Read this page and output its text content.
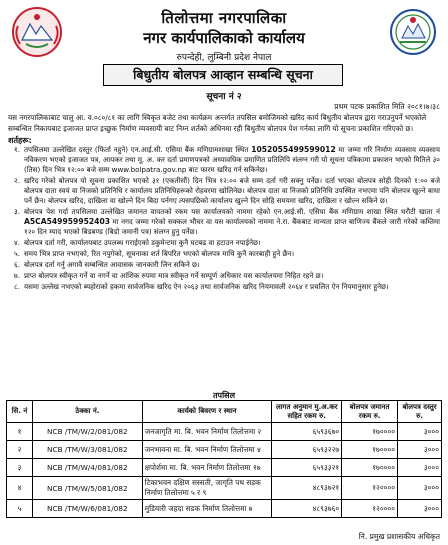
तिलोत्तमा नगरपालिका
नगर कार्यपालिकाको कार्यालय
रुपन्देही, लुम्बिनी प्रदेश नेपाल
बिधुतीय बोलपत्र आव्हान सम्बन्धि सूचना
सूचना नं २
प्रथम पटक प्रकाशित मिति २०८१।७।३८
यस नगरपालिकाबाट चालु आ. व.०८०/८१ का लागि स्विकृत बजेट तथा कार्यक्रम अन्तर्गत तपसिल बमोजिमको खरिद कार्य बिधुतीय बोलपत्र द्वारा गराउनुपर्ने भएकोले सम्बन्धित निकायबाट इजाजत प्राप्त इच्छुक निर्माण व्यवसायी बाट निम्न शर्तको अधिनमा रही बिधुतीय बोलपत्र पेश गर्नका लागि यो सूचना प्रकाशित गरिएको छ।
शर्तहरू:
१. तपसिलमा उल्लेखित दस्तुर (फिर्ता नहुने) एन.आई.सी. एसिया बैंक मणिग्रामशाखा स्थित 1052055499599012 मा जम्मा गरि निर्माण व्यवसाय व्यवसाय नविकरण भएको इजाजत पत्र, आयकर तथा मू. अ. कर दर्ता प्रमाणपत्रको अध्यावधिक प्रमाणित प्रतिलिपि संलग्न गरी यो सूचना पत्रिकामा प्रकाशन भएको मितिले ३० (तिस) दिन भित्र १२:०० बजे सम्म www.bolpatra.gov.np बाट फारम खरिद गर्न सकिनेछ।
२. खरिद गरेको बोलपत्र यो सूचना प्रकाशित भएको ३१ (एकतीसौं) दिन भित्र १२:०० बजे सम्म दर्ता गरी सक्नु पर्नेछ। दर्ता भएका बोलपत्र सोही दिनको १:०० बजे बोलपत्र दाता स्वयं वा निजको प्रतिनिधि र कार्यालय प्रतिनिधिहरूको रोहवरमा खोलिनेछ। बोलपत्र दाता वा निजको प्रतिनिधि उपस्थित नभएमा पनि बोलपत्र खुल्ने बाधा पर्ने छैन। बोलपत्र खरिद, दाखिला वा खोल्ने दिन बिदा पर्नगए त्यसपछिको कार्यालय खुल्ने दिन सोहि समयमा खरिद, दाखिला र खोल्न सकिने छ।
३. बोलपत्र पेश गर्दा तपसिलमा उल्लेखित जमानत वापतको रकम यस कार्यालयको नाममा रहेको एन.आई.सी. एसिया बैंक मणिग्राम शाखा स्थित धरौटी खाता नं A5CA549959952403 मा नगद जम्मा गरेको सक्कल भौचर वा यस कार्यालयको नाममा ने.रा. बैंकबाट मान्यता प्राप्त बाणिज्य बैंकले जारी गरेको कम्तिमा १२० दिन म्याद भएको बिडबण्ड (बिडो जमानी पत्र) संलग्न हुनु पर्नेछ।
४. बोलपत्र दर्ता गरी, कार्यालयबाट उपलब्ध गराईएको डकुमेन्टमा कुनै घटबढ वा हटाउन नपाईनेछ।
५. समय भित्र प्राप्त नभएको, रित नपुगेको, सूचनाका शर्त बिपरित भएको बोलपत्र माथि कुनै कारबाही हुने छैन।
६. बोलपत्र दर्ता गर्नु अगावै सम्बन्धित आवासक जानकारी लिन सकिने छ।
७. प्राप्त बोलपत्र स्वीकृत गर्ने वा नगर्ने वा आंशिक रुपमा मात्र स्वीकृत गर्ने सम्पूर्ण अधिकार यस कार्यालयमा निहित रहने छ।
८. यसमा उल्लेख नभएको ब्यहोराको हकमा सार्वजनिक खरिद ऐन २०६३ तथा सार्वजनिक खरिद नियमावली २०६४ र प्रचलित ऐन नियमानुसार हुनेछ।
तपसिल
सि. नं	ठेक्का नं.	कार्यको बिवरण र स्थान	लागत अनुमान मु.अ.कर सहित रकम रु.	बोलपत्र जमानत रकम रु.	बोलपत्र दस्तुर रु.
१	NCB /TM/W/2/081/082	जनजागृति मा. बि. भवन निर्माण तिलोत्तमा २	६५९३६७०	१७००००	३०००
२	NCB /TM/W/3/081/082	जनभावना मा. बि. भवन निर्माण तिलोत्तमा ४	६५९३२२७	१७००००	३०००
३	NCB /TM/W/4/081/082	क्षपोर्शमा मा. बि. भवन निर्माण तिलोत्तमा १७	६५९३३२१	१७००००	३०००
४	NCB /TM/W/5/081/082	टिकाभवन दक्षिण सस्सती, जागृति पथ सडक निर्माण तिलोत्तमा ५ र ९	४८९३७२१	१२००००	३०००
५	NCB /TM/W/6/081/082	मुडियारी जहदा सडक निर्माण तिलोत्तमा ७	४८९३७६०	१२००००	३०००
नि. प्रमुख प्रशासकीय अधिकृत
